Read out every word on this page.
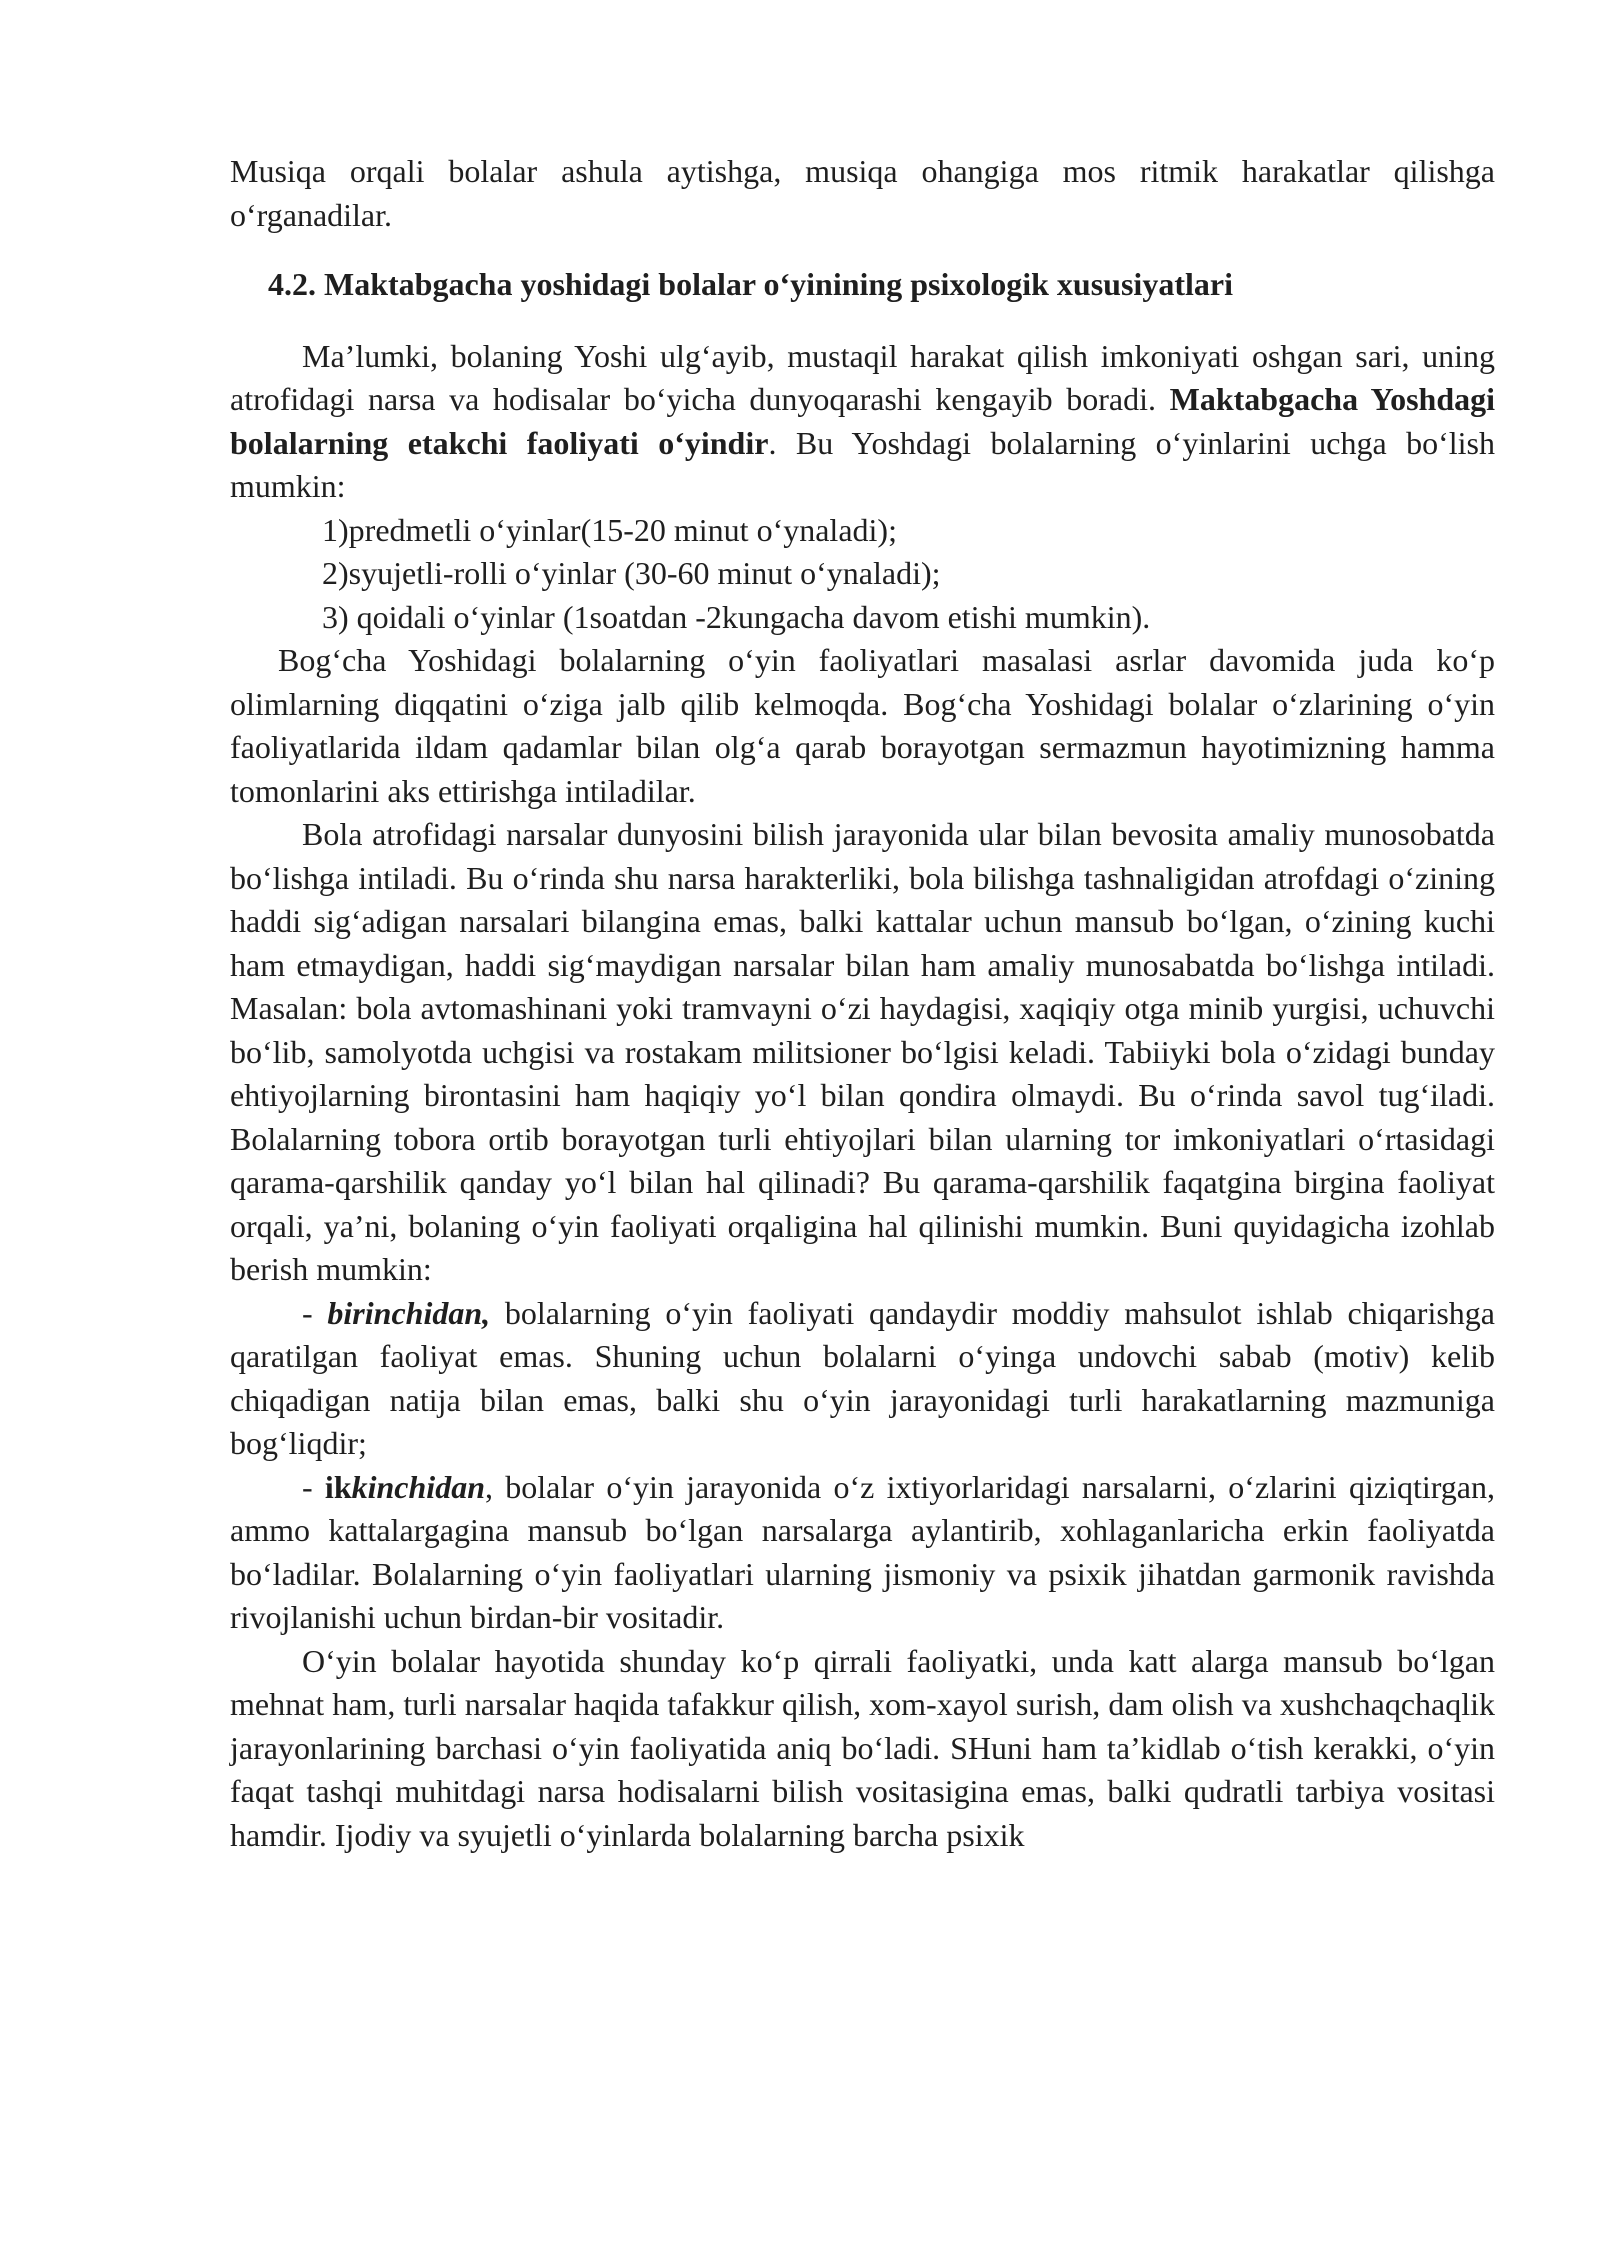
Musiqa orqali bolalar ashula aytishga, musiqa ohangiga mos ritmik harakatlar qilishga o‘rganadilar.

4.2. Maktabgacha yoshidagi bolalar o‘yinining psixologik xususiyatlari

Ma’lumki, bolaning Yoshi ulg‘ayib, mustaqil harakat qilish imkoniyati oshgan sari, uning atrofidagi narsa va hodisalar bo‘yicha dunyoqarashi kengayib boradi. Maktabgacha Yoshdagi bolalarning etakchi faoliyati o‘yindir. Bu Yoshdagi bolalarning o‘yinlarini uchga bo‘lish mumkin:

1)predmetli o‘yinlar(15-20 minut o‘ynaladi);

2)syujetli-rolli o‘yinlar (30-60 minut o‘ynaladi);

3) qoidali o‘yinlar (1soatdan -2kungacha davom etishi mumkin).

Bog‘cha Yoshidagi bolalarning o‘yin faoliyatlari masalasi asrlar davomida juda ko‘p olimlarning diqqatini o‘ziga jalb qilib kelmoqda. Bog‘cha Yoshidagi bolalar o‘zlarining o‘yin faoliyatlarida ildam qadamlar bilan olg‘a qarab borayotgan sermazmun hayotimizning hamma tomonlarini aks ettirishga intiladilar.

Bola atrofidagi narsalar dunyosini bilish jarayonida ular bilan bevosita amaliy munosobatda bo‘lishga intiladi. Bu o‘rinda shu narsa harakterliki, bola bilishga tashnaligidan atrofdagi o‘zining haddi sig‘adigan narsalari bilangina emas, balki kattalar uchun mansub bo‘lgan, o‘zining kuchi ham etmaydigan, haddi sig‘maydigan narsalar bilan ham amaliy munosabatda bo‘lishga intiladi. Masalan: bola avtomashinani yoki tramvayni o‘zi haydagisi, xaqiqiy otga minib yurgisi, uchuvchi bo‘lib, samolyotda uchgisi va rostakam militsioner bo‘lgisi keladi. Tabiiyki bola o‘zidagi bunday ehtiyojlarning birontasini ham haqiqiy yo‘l bilan qondira olmaydi. Bu o‘rinda savol tug‘iladi. Bolalarning tobora ortib borayotgan turli ehtiyojlari bilan ularning tor imkoniyatlari o‘rtasidagi qarama-qarshilik qanday yo‘l bilan hal qilinadi? Bu qarama-qarshilik faqatgina birgina faoliyat orqali, ya’ni, bolaning o‘yin faoliyati orqaligina hal qilinishi mumkin. Buni quyidagicha izohlab berish mumkin:

- birinchidan, bolalarning o‘yin faoliyati qandaydir moddiy mahsulot ishlab chiqarishga qaratilgan faoliyat emas. Shuning uchun bolalarni o‘yinga undovchi sabab (motiv) kelib chiqadigan natija bilan emas, balki shu o‘yin jarayonidagi turli harakatlarning mazmuniga bog‘liqdir;

- ikkinchidan, bolalar o‘yin jarayonida o‘z ixtiyorlaridagi narsalarni, o‘zlarini qiziqtirgan, ammo kattalargagina mansub bo‘lgan narsalarga aylantirib, xohlaganlaricha erkin faoliyatda bo‘ladilar. Bolalarning o‘yin faoliyatlari ularning jismoniy va psixik jihatdan garmonik ravishda rivojlanishi uchun birdan-bir vositadir.

O‘yin bolalar hayotida shunday ko‘p qirrali faoliyatki, unda katt alarga mansub bo‘lgan mehnat ham, turli narsalar haqida tafakkur qilish, xom-xayol surish, dam olish va xushchaqchaqlik jarayonlarining barchasi o‘yin faoliyatida aniq bo‘ladi. SHuni ham ta’kidlab o‘tish kerakki, o‘yin faqat tashqi muhitdagi narsa hodisalarni bilish vositasigina emas, balki qudratli tarbiya vositasi hamdir. Ijodiy va syujetli o‘yinlarda bolalarning barcha psixik
